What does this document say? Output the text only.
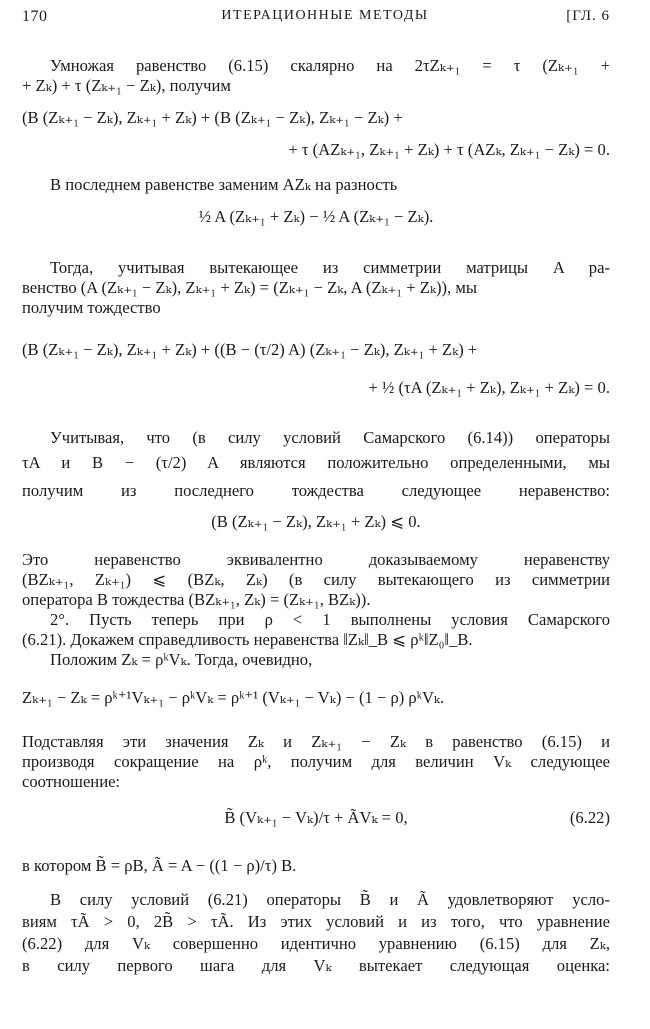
170	ИТЕРАЦИОННЫЕ МЕТОДЫ	[ГЛ. 6
Умножая равенство (6.15) скалярно на 2τZₖ₊₁ = τ (Zₖ₊₁ +
+ Zₖ) + τ (Zₖ₊₁ − Zₖ), получим
(B (Zₖ₊₁ − Zₖ), Zₖ₊₁ + Zₖ) + (B (Zₖ₊₁ − Zₖ), Zₖ₊₁ − Zₖ) +
+ τ (AZₖ₊₁, Zₖ₊₁ + Zₖ) + τ (AZₖ, Zₖ₊₁ − Zₖ) = 0.
В последнем равенстве заменим AZₖ на разность
½ A (Zₖ₊₁ + Zₖ) − ½ A (Zₖ₊₁ − Zₖ).
Тогда, учитывая вытекающее из симметрии матрицы A ра-
венство (A (Zₖ₊₁ − Zₖ), Zₖ₊₁ + Zₖ) = (Zₖ₊₁ − Zₖ, A (Zₖ₊₁ + Zₖ)), мы
получим тождество
(B (Zₖ₊₁ − Zₖ), Zₖ₊₁ + Zₖ) + ((B − (τ/2) A) (Zₖ₊₁ − Zₖ), Zₖ₊₁ + Zₖ) +
+ ½ (τA (Zₖ₊₁ + Zₖ), Zₖ₊₁ + Zₖ) = 0.
Учитывая, что (в силу условий Самарского (6.14)) операторы
τA и B − (τ/2) A являются положительно определенными, мы
получим из последнего тождества следующее неравенство:
(B (Zₖ₊₁ − Zₖ), Zₖ₊₁ + Zₖ) ⩽ 0.
Это неравенство эквивалентно доказываемому неравенству
(BZₖ₊₁, Zₖ₊₁) ⩽ (BZₖ, Zₖ) (в силу вытекающего из симметрии
оператора B тождества (BZₖ₊₁, Zₖ) = (Zₖ₊₁, BZₖ)).
2°. Пусть теперь при ρ < 1 выполнены условия Самарского
(6.21). Докажем справедливость неравенства ‖Zₖ‖_B ⩽ ρᵏ‖Z₀‖_B.
Положим Zₖ = ρᵏVₖ. Тогда, очевидно,
Zₖ₊₁ − Zₖ = ρᵏ⁺¹Vₖ₊₁ − ρᵏVₖ = ρᵏ⁺¹ (Vₖ₊₁ − Vₖ) − (1 − ρ) ρᵏVₖ.
Подставляя эти значения Zₖ и Zₖ₊₁ − Zₖ в равенство (6.15) и
производя сокращение на ρᵏ, получим для величин Vₖ следующее
соотношение:
B̃ (Vₖ₊₁ − Vₖ)/τ + ÃVₖ = 0,	(6.22)
в котором B̃ = ρB, Ã = A − ((1 − ρ)/τ) B.
В силу условий (6.21) операторы B̃ и Ã удовлетворяют усло-
виям τÃ > 0, 2B̃ > τÃ. Из этих условий и из того, что уравнение
(6.22) для Vₖ совершенно идентично уравнению (6.15) для Zₖ,
в силу первого шага для Vₖ вытекает следующая оценка:
